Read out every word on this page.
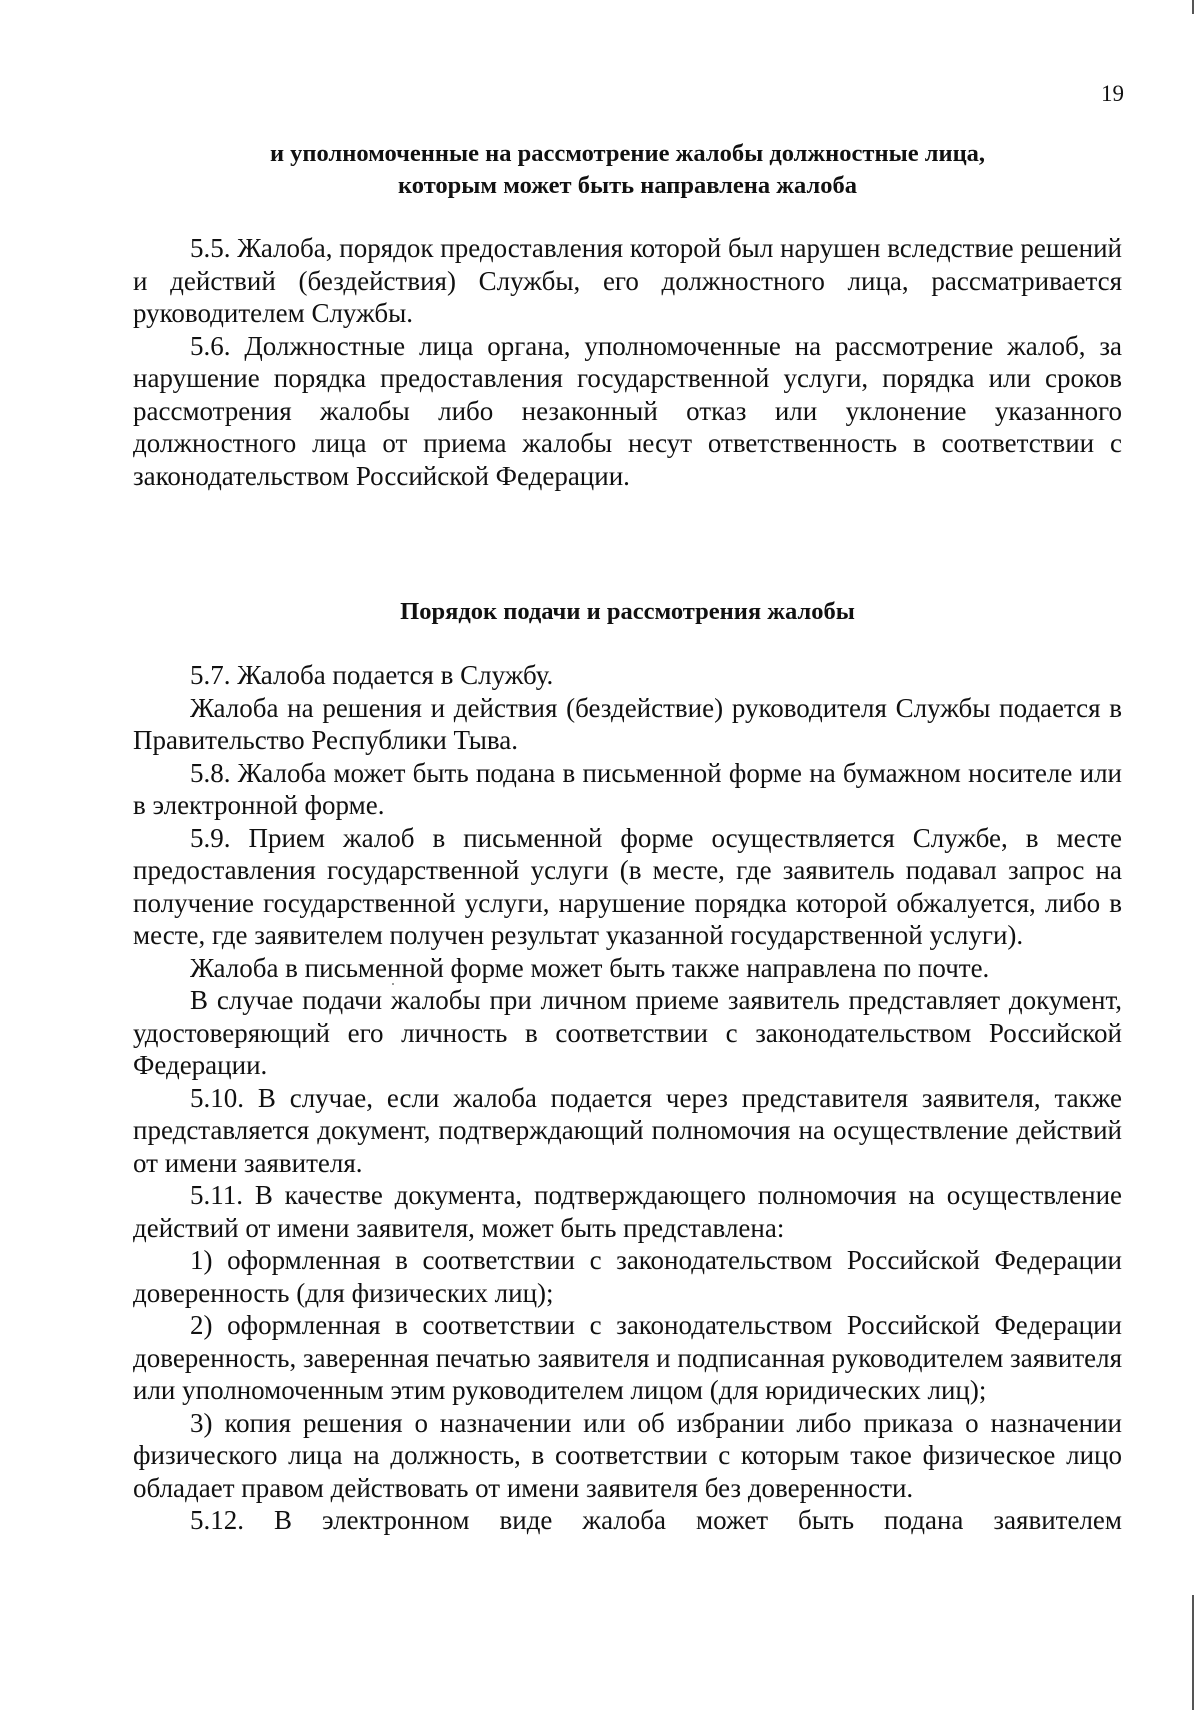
19
и уполномоченные на рассмотрение жалобы должностные лица,
которым может быть направлена жалоба

5.5. Жалоба, порядок предоставления которой был нарушен вследствие решений и действий (бездействия) Службы, его должностного лица, рассматривается руководителем Службы.

5.6. Должностные лица органа, уполномоченные на рассмотрение жалоб, за нарушение порядка предоставления государственной услуги, порядка или сроков рассмотрения жалобы либо незаконный отказ или уклонение указанного должностного лица от приема жалобы несут ответственность в соответствии с законодательством Российской Федерации.

Порядок подачи и рассмотрения жалобы

5.7. Жалоба подается в Службу.

Жалоба на решения и действия (бездействие) руководителя Службы подается в Правительство Республики Тыва.

5.8. Жалоба может быть подана в письменной форме на бумажном носителе или в электронной форме.

5.9. Прием жалоб в письменной форме осуществляется Службе, в месте предоставления государственной услуги (в месте, где заявитель подавал запрос на получение государственной услуги, нарушение порядка которой обжалуется, либо в месте, где заявителем получен результат указанной государственной услуги).

Жалоба в письменной форме может быть также направлена по почте.

В случае подачи жалобы при личном приеме заявитель представляет документ, удостоверяющий его личность в соответствии с законодательством Российской Федерации.

5.10. В случае, если жалоба подается через представителя заявителя, также представляется документ, подтверждающий полномочия на осуществление действий от имени заявителя.

5.11. В качестве документа, подтверждающего полномочия на осуществление действий от имени заявителя, может быть представлена:

1) оформленная в соответствии с законодательством Российской Федерации доверенность (для физических лиц);

2) оформленная в соответствии с законодательством Российской Федерации доверенность, заверенная печатью заявителя и подписанная руководителем заявителя или уполномоченным этим руководителем лицом (для юридических лиц);

3) копия решения о назначении или об избрании либо приказа о назначении физического лица на должность, в соответствии с которым такое физическое лицо обладает правом действовать от имени заявителя без доверенности.

5.12. В электронном виде жалоба может быть подана заявителем
